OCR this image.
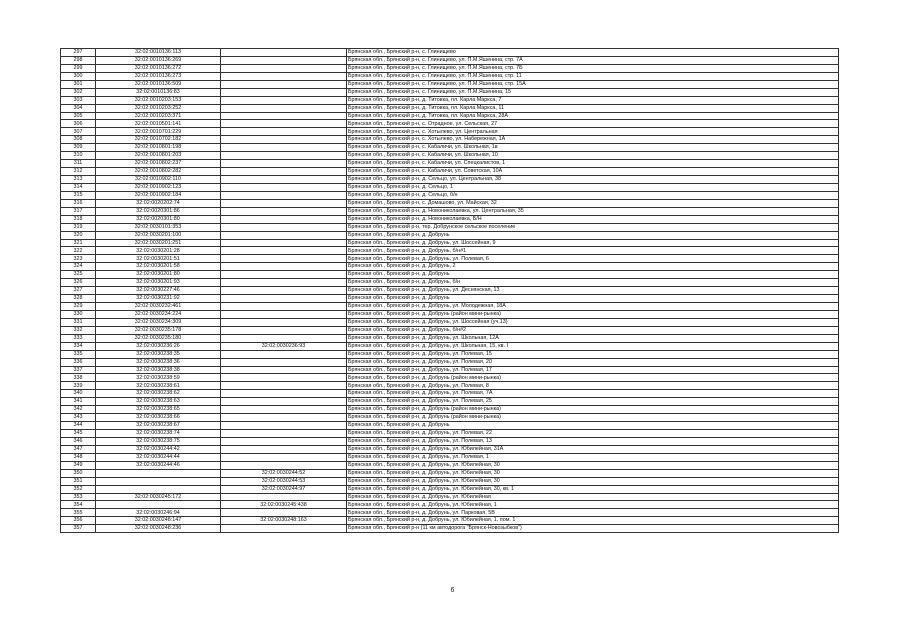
297	32:02:0010136:113		Брянская обл., Брянский р-н, с. Глинищево
298	32:02:0010136:269		Брянская обл., Брянский р-н, с. Глинищево, ул. П.М.Яшенина, стр. 7А
299	32:02:0010136:272		Брянская обл., Брянский р-н, с. Глинищево, ул. П.М.Яшенина, стр. 7Б
300	32:02:0010136:273		Брянская обл., Брянский р-н, с. Глинищево, ул. П.М.Яшенина, стр. 11
301	32:02:0010136:509		Брянская обл., Брянский р-н, с. Глинищево, ул. П.М.Яшенина, стр. 15А
302	32:02:0010136:83		Брянская обл., Брянский р-н, с. Глинищево, ул. П.М.Яшенина, 15
303	32:02:0010203:153		Брянская обл., Брянский р-н, д. Титовка, пл. Карла Маркса, 7
304	32:02:0010203:252		Брянская обл., Брянский р-н, д. Титовка, пл. Карла Маркса, 11
305	32:02:0010203:371		Брянская обл., Брянский р-н, д. Титовка, пл. Карла Маркса, 28А
306	32:02:0010501:141		Брянская обл., Брянский р-н, с. Отрадное, ул. Сельская, 27
307	32:02:0010701:229		Брянская обл., Брянский р-н, с. Хотылево, ул. Центральная
308	32:02:0010702:182		Брянская обл., Брянский р-н, с. Хотылево, ул. Набережная, 1А
309	32:02:0010801:198		Брянская обл., Брянский р-н, с. Кабаличи, ул. Школьная, 1в
310	32:02:0010801:203		Брянская обл., Брянский р-н, с. Кабаличи, ул. Школьная, 10
311	32:02:0010802:237		Брянская обл., Брянский р-н, с. Кабаличи, ул. Спецкалистов, 1
312	32:02:0010802:282		Брянская обл., Брянский р-н, с. Кабаличи, ул. Советская, 10А
313	32:02:0010902:110		Брянская обл., Брянский р-н, д. Сельцо, ул. Центральная, 38
314	32:02:0010902:123		Брянская обл., Брянский р-н, д. Сельцо, 1
315	32:02:0010902:184		Брянская обл., Брянский р-н, д. Сельцо, б/н
316	32:02:0020202:74		Брянская обл., Брянский р-н, с. Домашово, ул. Майская, 32
317	32:02:0020301:86		Брянская обл., Брянский р-н, д. Новониколаевка, ул. Центральная, 35
318	32:02:0020301:80		Брянская обл., Брянский р-н, д. Новониколаевка, Б/Н
319	32:02:0030101:353		Брянская обл., Брянский р-н, тер. Добрунское сельское поселение
320	32:02:0030201:100		Брянская обл., Брянский р-н, д. Добрунь
321	32:02:0030201:251		Брянская обл., Брянский р-н, д. Добрунь, ул. Шоссейная, 9
322	32:02:0030201:28		Брянская обл., Брянский р-н, д. Добрунь, б/н#1
323	32:02:0030201:51		Брянская обл., Брянский р-н, д. Добрунь, ул. Полевая, 6
324	32:02:0030201:58		Брянская обл., Брянский р-н, д. Добрунь, 2
325	32:02:0030201:80		Брянская обл., Брянский р-н, д. Добрунь
326	32:02:0030201:93		Брянская обл., Брянский р-н, д. Добрунь, б/н
327	32:02:0030227:46		Брянская обл., Брянский р-н, д. Добрунь, ул. Деснянская, 13
328	32:02:0030231:92		Брянская обл., Брянский р-н, д. Добрунь
329	32:02:0030232:461		Брянская обл., Брянский р-н, д. Добрунь, ул. Молодежная, 18А
330	32:02:0030234:224		Брянская обл., Брянский р-н, д. Добрунь (район мини-рынка)
331	32:02:0030234:309		Брянская обл., Брянский р-н, д. Добрунь, ул. Шоссейная (уч.13)
332	32:02:0030235:178		Брянская обл., Брянский р-н, д. Добрунь, б/н#2
333	32:02:0030235:180		Брянская обл., Брянский р-н, д. Добрунь, ул. Школьная, 12А
334	32:02:0030236:26	32:02:0030236:93	Брянская обл., Брянский р-н, д. Добрунь, ул. Школьная, 15, кв. I
335	32:02:0030238:35		Брянская обл., Брянский р-н, д. Добрунь, ул. Полевая, 15
336	32:02:0030238:36		Брянская обл., Брянский р-н, д. Добрунь, ул. Полевая, 20
337	32:02:0030238:38		Брянская обл., Брянский р-н, д. Добрунь, ул. Полевая, 17
338	32:02:0030238:59		Брянская обл., Брянский р-н, д. Добрунь (район мини-рынка)
339	32:02:0030238:61		Брянская обл., Брянский р-н, д. Добрунь, ул. Полевая, 8
340	32:02:0030238:62		Брянская обл., Брянский р-н, д. Добрунь, ул. Полевая, 7А
341	32:02:0030238:63		Брянская обл., Брянский р-н, д. Добрунь, ул. Полевая, 25
342	32:02:0030238:65		Брянская обл., Брянский р-н, д. Добрунь (район мини-рынка)
343	32:02:0030238:66		Брянская обл., Брянский р-н, д. Добрунь (район мини-рынка)
344	32:02:0030238:67		Брянская обл., Брянский р-н, д. Добрунь
345	32:02:0030238:74		Брянская обл., Брянский р-н, д. Добрунь, ул. Полевая, 22
346	32:02:0030238:75		Брянская обл., Брянский р-н, д. Добрунь, ул. Полевая, 13
347	32:02:0030244:42		Брянская обл., Брянский р-н, д. Добрунь, ул. Юбилейная, 31А
348	32:02:0030244:44		Брянская обл., Брянский р-н, д. Добрунь, ул. Полевая, 1
349	32:02:0030244:46		Брянская обл., Брянский р-н, д. Добрунь, ул. Юбилейная, 30
350		32:02:0030244:52	Брянская обл., Брянский р-н, д. Добрунь, ул. Юбилейная, 30
351		32:02:0030244:53	Брянская обл., Брянский р-н, д. Добрунь, ул. Юбилейная, 30
352		32:02:0030244:97	Брянская обл., Брянский р-н, д. Добрунь, ул. Юбилейная, 30, кв. 1
353	32:02:0030245:172		Брянская обл., Брянский р-н, д. Добрунь, ул. Юбилейная
354		32:02:0030245:438	Брянская обл., Брянский р-н, д. Добрунь, ул. Юбилейная, 1
355	32:02:0030246:94		Брянская обл., Брянский р-н, д. Добрунь, ул. Парковая, 5В
356	32:02:0030248:147	32:02:0030248:163	Брянская обл., Брянский р-н, д. Добрунь, ул. Юбилейная, 1, пом. 1
357	32:02:0030248:236		Брянская обл., Брянский р-н (11 км автодорога "Брянск-Новозыбков")
6
